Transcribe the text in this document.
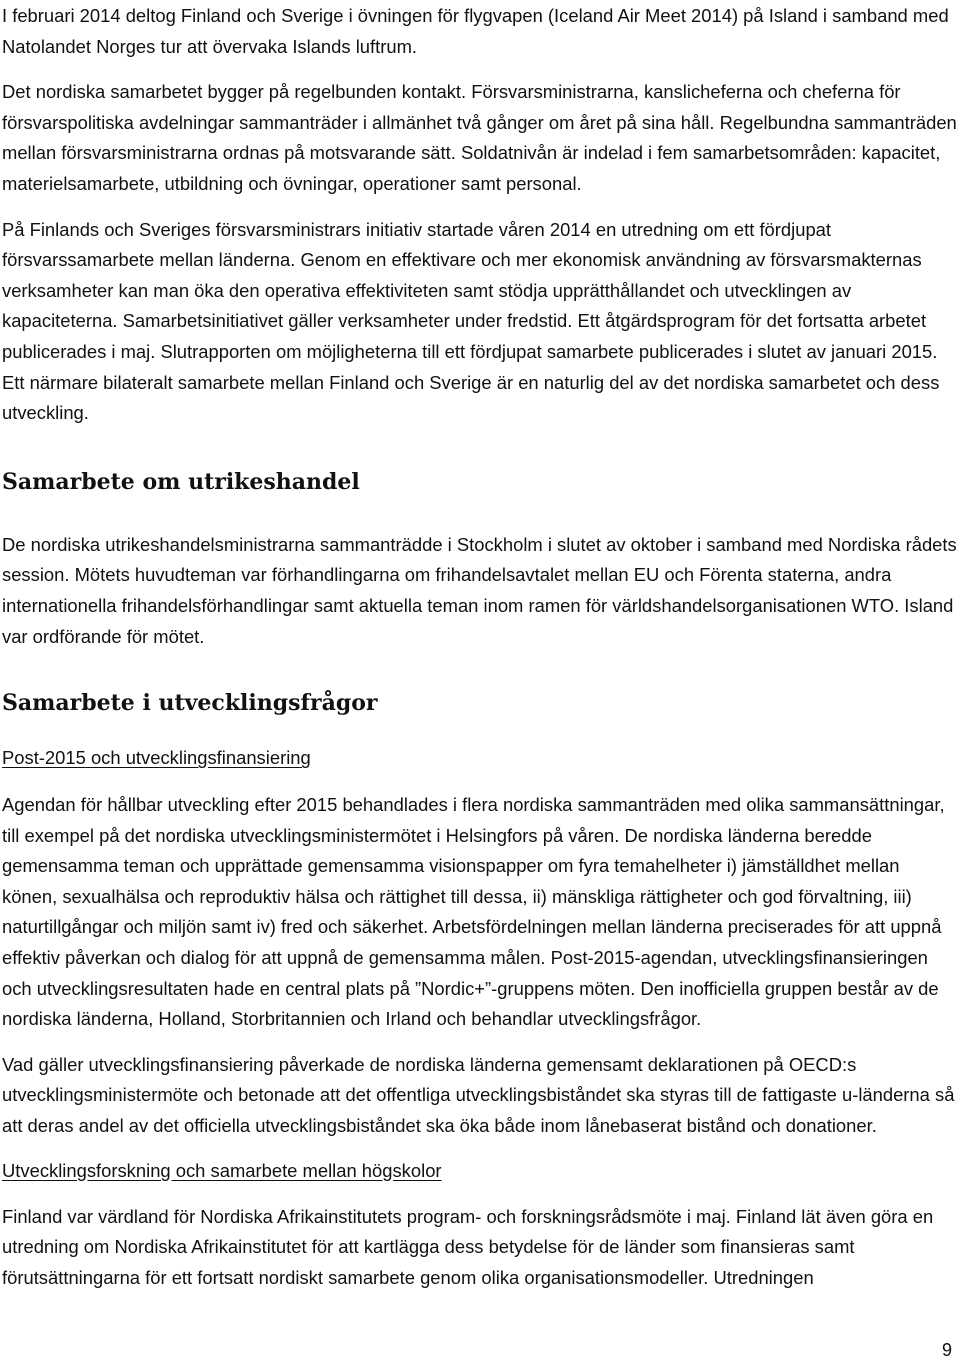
I februari 2014 deltog Finland och Sverige i övningen för flygvapen (Iceland Air Meet 2014) på Island i samband med Natolandet Norges tur att övervaka Islands luftrum.

Det nordiska samarbetet bygger på regelbunden kontakt. Försvarsministrarna, kanslicheferna och cheferna för försvarspolitiska avdelningar sammanträder i allmänhet två gånger om året på sina håll. Regelbundna sammanträden mellan försvarsministrarna ordnas på motsvarande sätt. Soldatnivån är indelad i fem samarbetsområden: kapacitet, materielsamarbete, utbildning och övningar, operationer samt personal.

På Finlands och Sveriges försvarsministrars initiativ startade våren 2014 en utredning om ett fördjupat försvarssamarbete mellan länderna. Genom en effektivare och mer ekonomisk användning av försvarsmakternas verksamheter kan man öka den operativa effektiviteten samt stödja upprätthållandet och utvecklingen av kapaciteterna. Samarbetsinitiativet gäller verksamheter under fredstid. Ett åtgärdsprogram för det fortsatta arbetet publicerades i maj. Slutrapporten om möjligheterna till ett fördjupat samarbete publicerades i slutet av januari 2015. Ett närmare bilateralt samarbete mellan Finland och Sverige är en naturlig del av det nordiska samarbetet och dess utveckling.

Samarbete om utrikeshandel

De nordiska utrikeshandelsministrarna sammanträdde i Stockholm i slutet av oktober i samband med Nordiska rådets session. Mötets huvudteman var förhandlingarna om frihandelsavtalet mellan EU och Förenta staterna, andra internationella frihandelsförhandlingar samt aktuella teman inom ramen för världshandelsorganisationen WTO. Island var ordförande för mötet.

Samarbete i utvecklingsfrågor
Post-2015 och utvecklingsfinansiering

Agendan för hållbar utveckling efter 2015 behandlades i flera nordiska sammanträden med olika sammansättningar, till exempel på det nordiska utvecklingsministermötet i Helsingfors på våren. De nordiska länderna beredde gemensamma teman och upprättade gemensamma visionspapper om fyra temahelheter i) jämställdhet mellan könen, sexualhälsa och reproduktiv hälsa och rättighet till dessa, ii) mänskliga rättigheter och god förvaltning, iii) naturtillgångar och miljön samt iv) fred och säkerhet. Arbetsfördelningen mellan länderna preciserades för att uppnå effektiv påverkan och dialog för att uppnå de gemensamma målen. Post-2015-agendan, utvecklingsfinansieringen och utvecklingsresultaten hade en central plats på ”Nordic+”-gruppens möten. Den inofficiella gruppen består av de nordiska länderna, Holland, Storbritannien och Irland och behandlar utvecklingsfrågor.

Vad gäller utvecklingsfinansiering påverkade de nordiska länderna gemensamt deklarationen på OECD:s utvecklingsministermöte och betonade att det offentliga utvecklingsbiståndet ska styras till de fattigaste u-länderna så att deras andel av det officiella utvecklingsbiståndet ska öka både inom lånebaserat bistånd och donationer.

Utvecklingsforskning och samarbete mellan högskolor

Finland var värdland för Nordiska Afrikainstitutets program- och forskningsrådsmöte i maj. Finland lät även göra en utredning om Nordiska Afrikainstitutet för att kartlägga dess betydelse för de länder som finansieras samt förutsättningarna för ett fortsatt nordiskt samarbete genom olika organisationsmodeller. Utredningen

9
